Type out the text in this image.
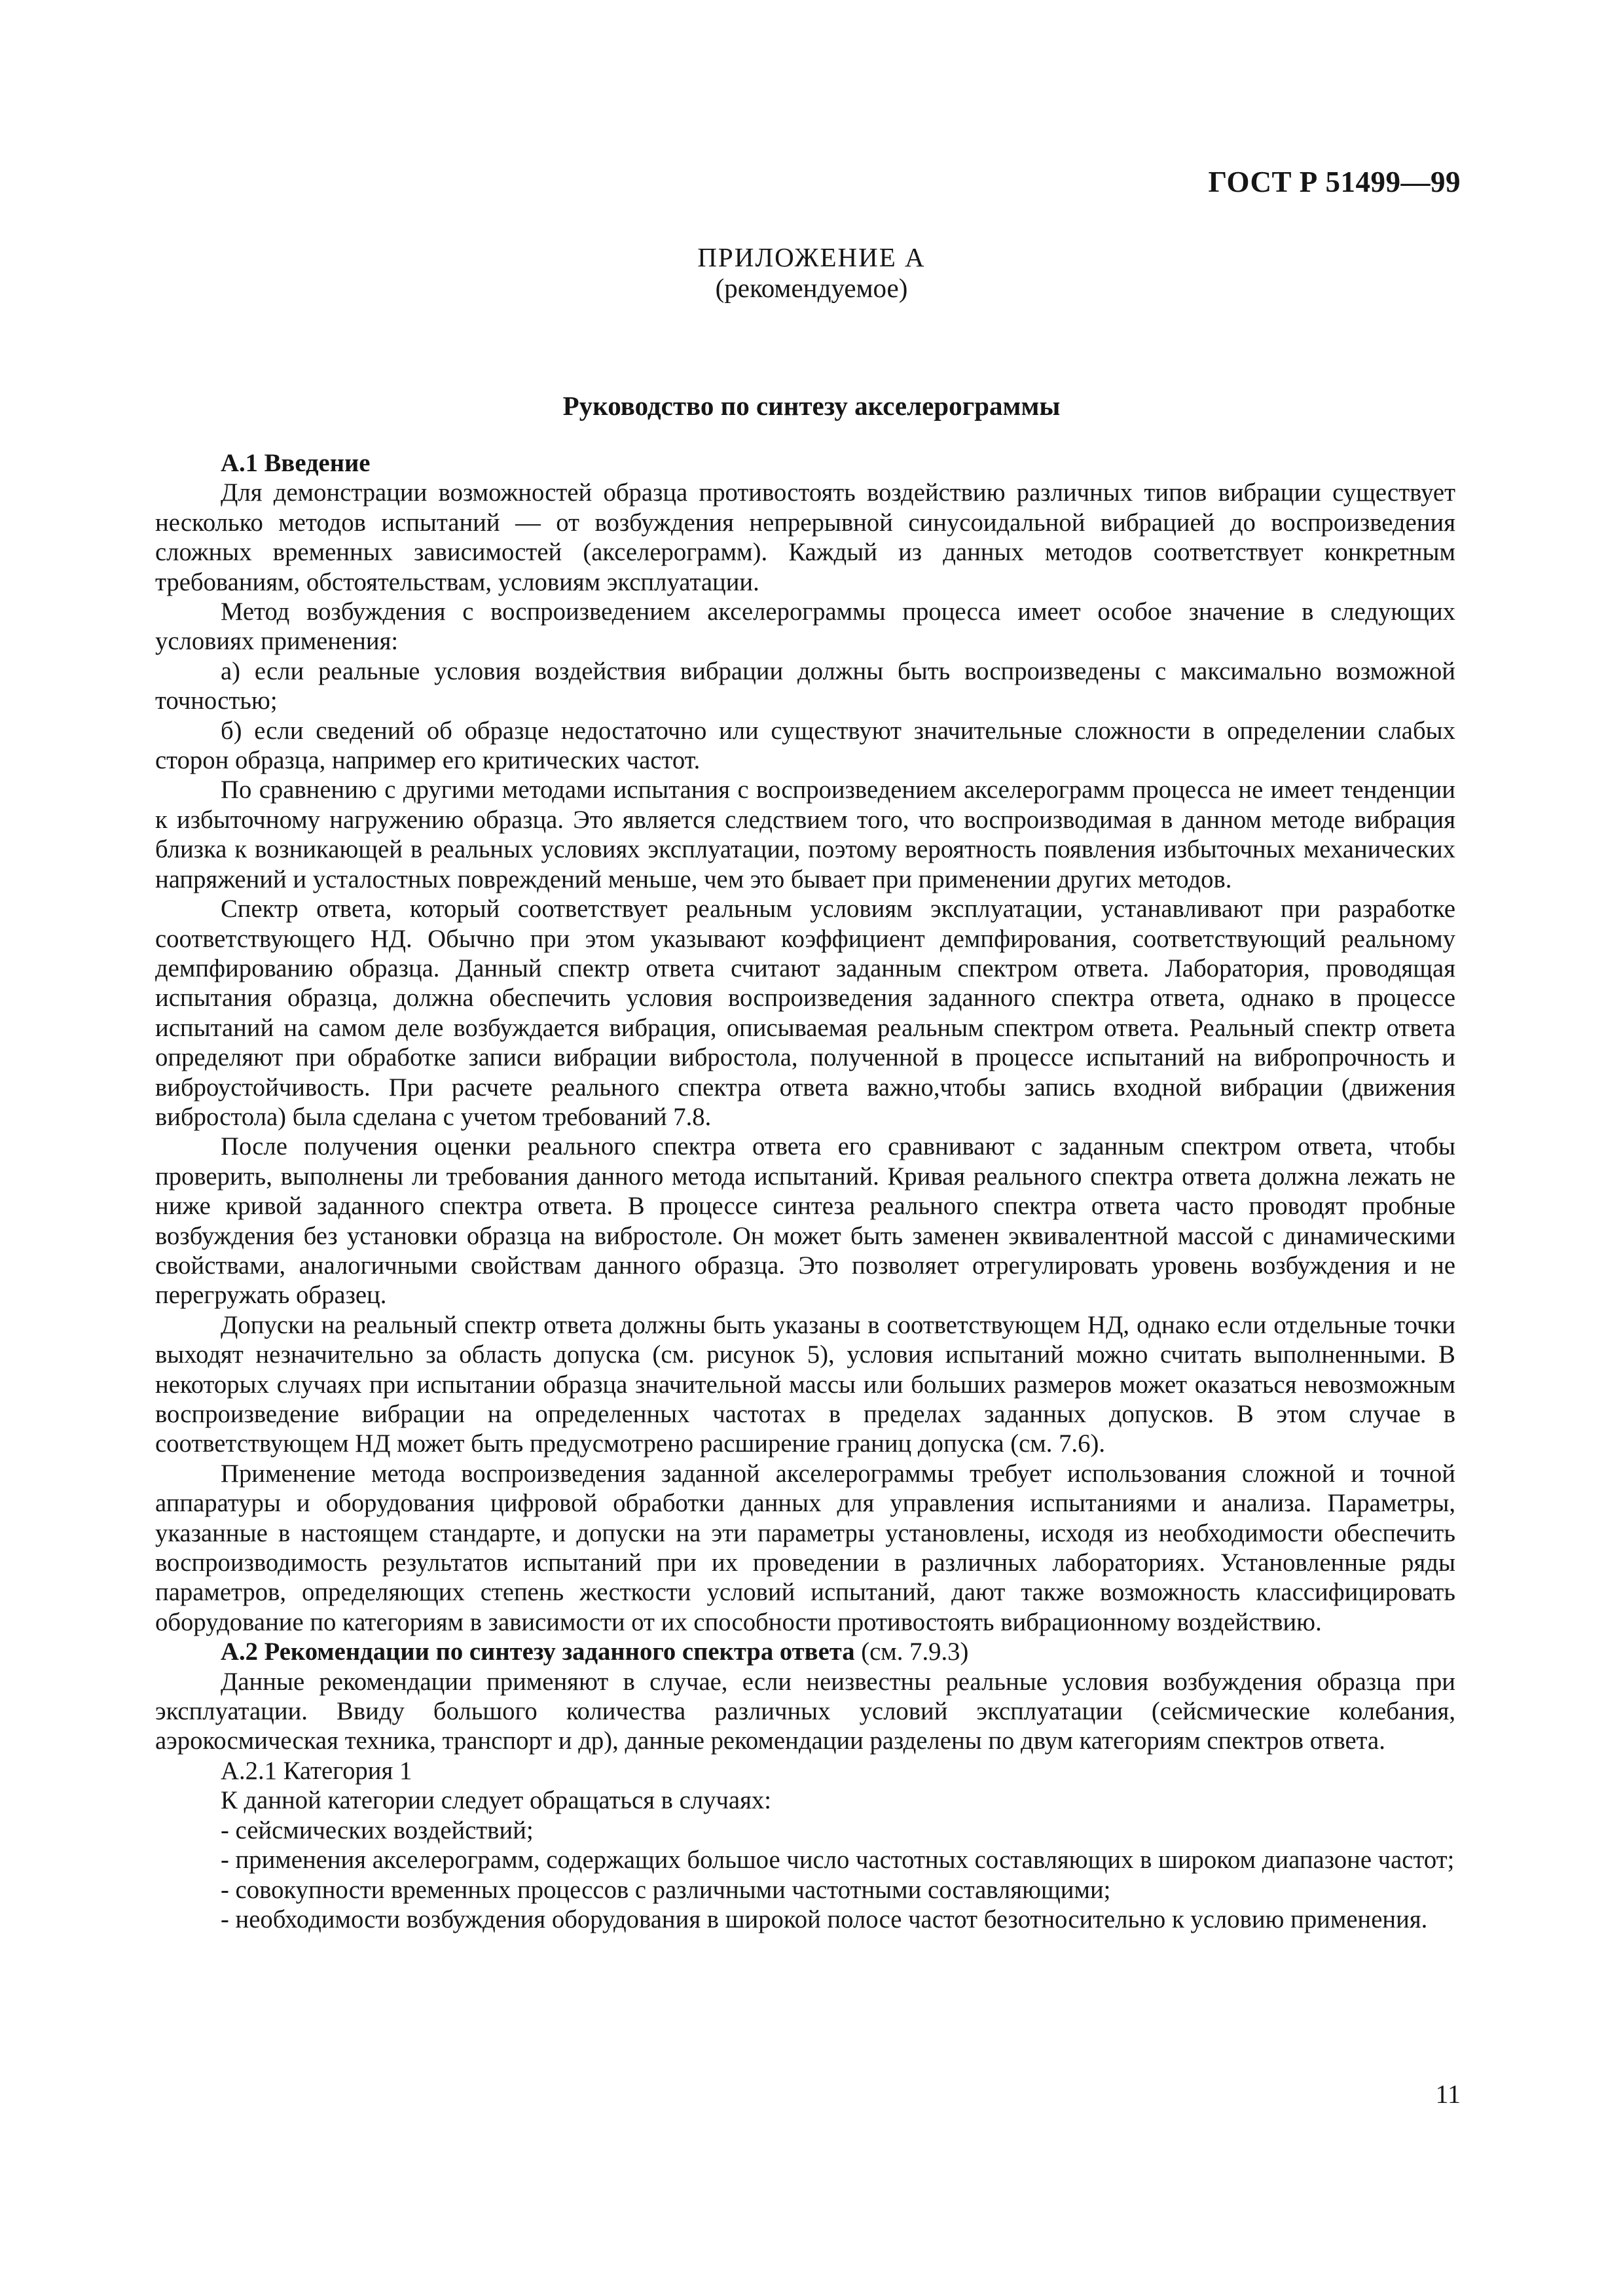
ГОСТ Р 51499—99
ПРИЛОЖЕНИЕ А
(рекомендуемое)
Руководство по синтезу акселерограммы

А.1 Введение

Для демонстрации возможностей образца противостоять воздействию различных типов вибрации существует несколько методов испытаний — от возбуждения непрерывной синусоидальной вибрацией до воспроизведения сложных временных зависимостей (акселерограмм). Каждый из данных методов соответствует конкретным требованиям, обстоятельствам, условиям эксплуатации.

Метод возбуждения с воспроизведением акселерограммы процесса имеет особое значение в следующих условиях применения:

а) если реальные условия воздействия вибрации должны быть воспроизведены с максимально возможной точностью;

б) если сведений об образце недостаточно или существуют значительные сложности в определении слабых сторон образца, например его критических частот.

По сравнению с другими методами испытания с воспроизведением акселерограмм процесса не имеет тенденции к избыточному нагружению образца. Это является следствием того, что воспроизводимая в данном методе вибрация близка к возникающей в реальных условиях эксплуатации, поэтому вероятность появления избыточных механических напряжений и усталостных повреждений меньше, чем это бывает при применении других методов.

Спектр ответа, который соответствует реальным условиям эксплуатации, устанавливают при разработке соответствующего НД. Обычно при этом указывают коэффициент демпфирования, соответствующий реальному демпфированию образца. Данный спектр ответа считают заданным спектром ответа. Лаборатория, проводящая испытания образца, должна обеспечить условия воспроизведения заданного спектра ответа, однако в процессе испытаний на самом деле возбуждается вибрация, описываемая реальным спектром ответа. Реальный спектр ответа определяют при обработке записи вибрации вибростола, полученной в процессе испытаний на вибропрочность и виброустойчивость. При расчете реального спектра ответа важно,чтобы запись входной вибрации (движения вибростола) была сделана с учетом требований 7.8.

После получения оценки реального спектра ответа его сравнивают с заданным спектром ответа, чтобы проверить, выполнены ли требования данного метода испытаний. Кривая реального спектра ответа должна лежать не ниже кривой заданного спектра ответа. В процессе синтеза реального спектра ответа часто проводят пробные возбуждения без установки образца на вибростоле. Он может быть заменен эквивалентной массой с динамическими свойствами, аналогичными свойствам данного образца. Это позволяет отрегулировать уровень возбуждения и не перегружать образец.

Допуски на реальный спектр ответа должны быть указаны в соответствующем НД, однако если отдельные точки выходят незначительно за область допуска (см. рисунок 5), условия испытаний можно считать выполненными. В некоторых случаях при испытании образца значительной массы или больших размеров может оказаться невозможным воспроизведение вибрации на определенных частотах в пределах заданных допусков. В этом случае в соответствующем НД может быть предусмотрено расширение границ допуска (см. 7.6).

Применение метода воспроизведения заданной акселерограммы требует использования сложной и точной аппаратуры и оборудования цифровой обработки данных для управления испытаниями и анализа. Параметры, указанные в настоящем стандарте, и допуски на эти параметры установлены, исходя из необходимости обеспечить воспроизводимость результатов испытаний при их проведении в различных лабораториях. Установленные ряды параметров, определяющих степень жесткости условий испытаний, дают также возможность классифицировать оборудование по категориям в зависимости от их способности противостоять вибрационному воздействию.

А.2 Рекомендации по синтезу заданного спектра ответа (см. 7.9.3)

Данные рекомендации применяют в случае, если неизвестны реальные условия возбуждения образца при эксплуатации. Ввиду большого количества различных условий эксплуатации (сейсмические колебания, аэрокосмическая техника, транспорт и др), данные рекомендации разделены по двум категориям спектров ответа.

А.2.1 Категория 1

К данной категории следует обращаться в случаях:

- сейсмических воздействий;

- применения акселерограмм, содержащих большое число частотных составляющих в широком диапазоне частот;

- совокупности временных процессов с различными частотными составляющими;

- необходимости возбуждения оборудования в широкой полосе частот безотносительно к условию применения.

11
